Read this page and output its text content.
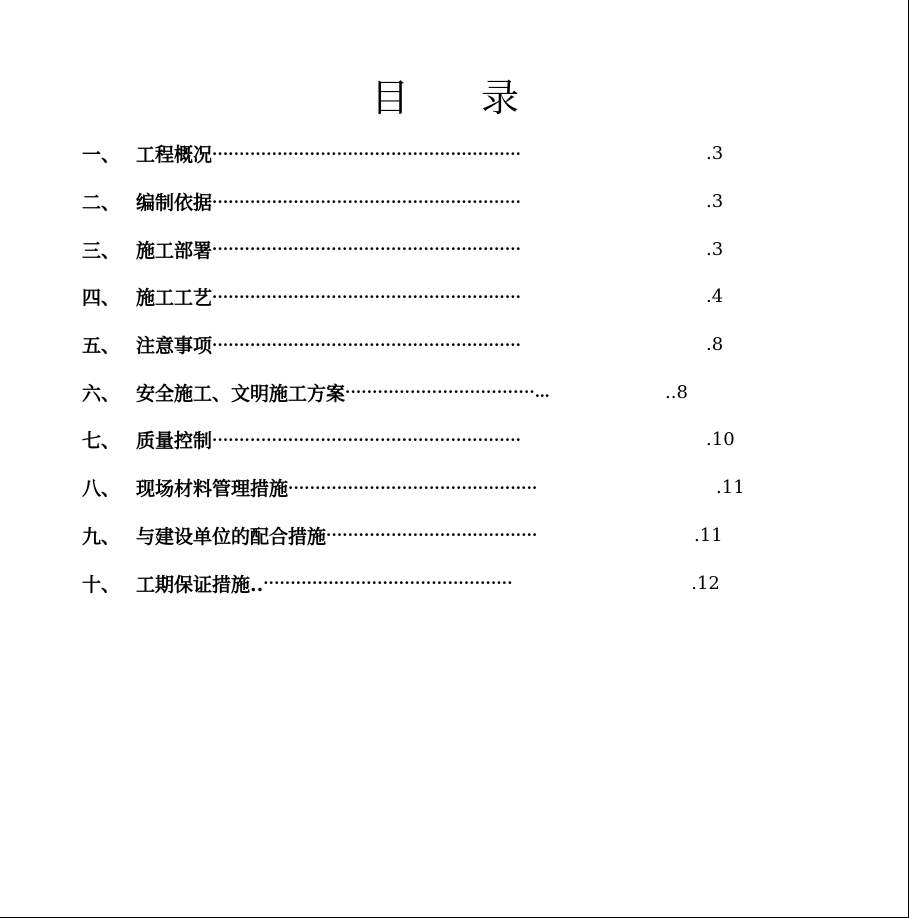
目 录
一、 工程概况 ·························································	.3
二、 编制依据 ·························································	.3
三、 施工部署 ·························································	.3
四、 施工工艺 ·························································	.4
五、 注意事项 ·························································	.8
六、 安全施工、文明施工方案 ···································…	..8
七、 质量控制 ·························································	.10
八、 现场材料管理措施 ··············································	.11
九、 与建设单位的配合措施 ·······································	.11
十、 工期保证措施.. ··············································	.12
